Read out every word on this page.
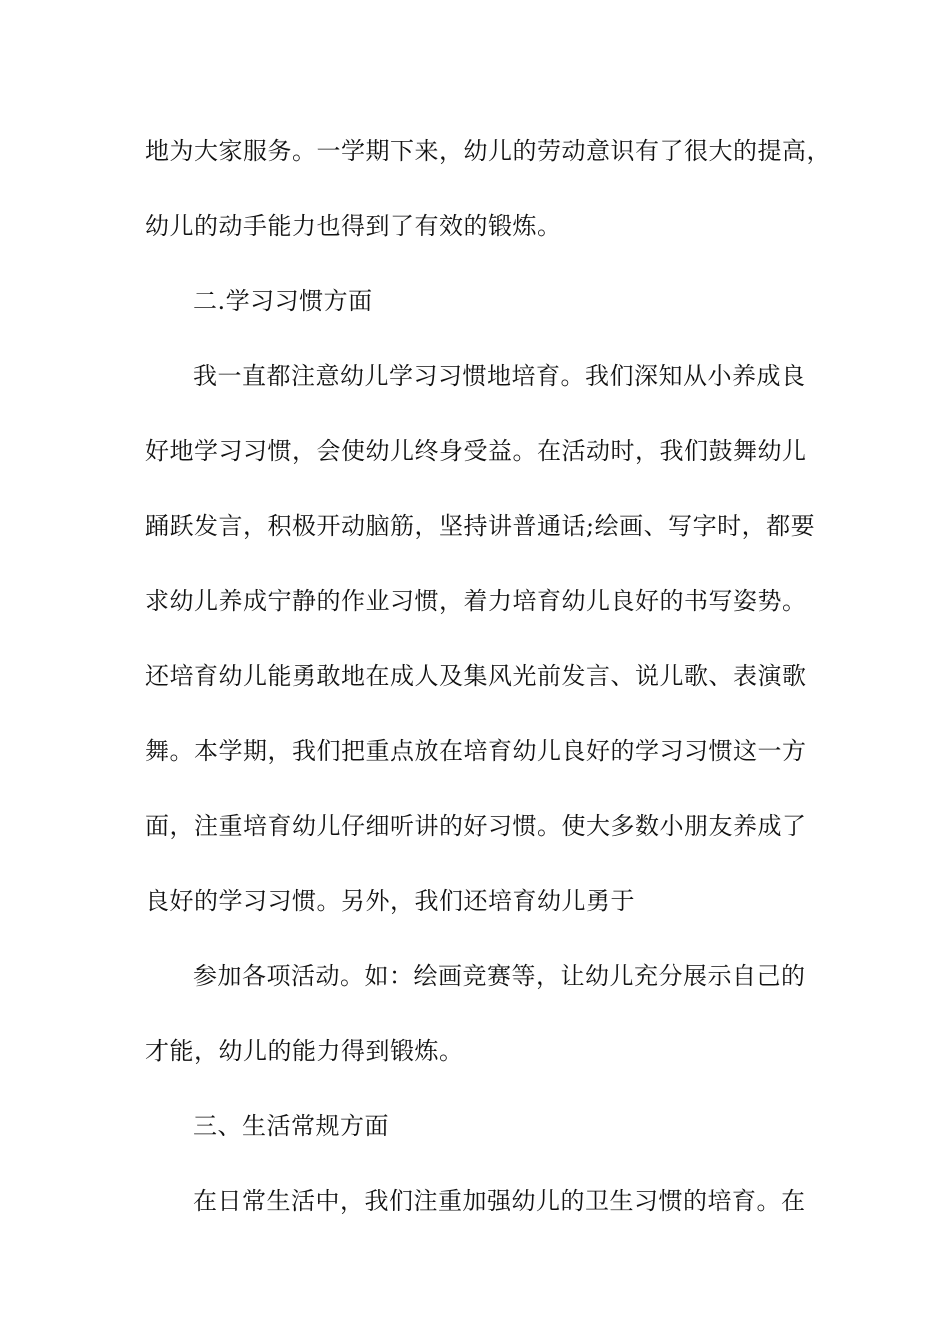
地为大家服务。一学期下来，幼儿的劳动意识有了很大的提高，
幼儿的动手能力也得到了有效的锻炼。
二.学习习惯方面
我一直都注意幼儿学习习惯地培育。我们深知从小养成良
好地学习习惯，会使幼儿终身受益。在活动时，我们鼓舞幼儿
踊跃发言，积极开动脑筋，坚持讲普通话;绘画、写字时，都要
求幼儿养成宁静的作业习惯，着力培育幼儿良好的书写姿势。
还培育幼儿能勇敢地在成人及集风光前发言、说儿歌、表演歌
舞。本学期，我们把重点放在培育幼儿良好的学习习惯这一方
面，注重培育幼儿仔细听讲的好习惯。使大多数小朋友养成了
良好的学习习惯。另外，我们还培育幼儿勇于
参加各项活动。如：绘画竞赛等，让幼儿充分展示自己的
才能，幼儿的能力得到锻炼。
三、生活常规方面
在日常生活中，我们注重加强幼儿的卫生习惯的培育。在
